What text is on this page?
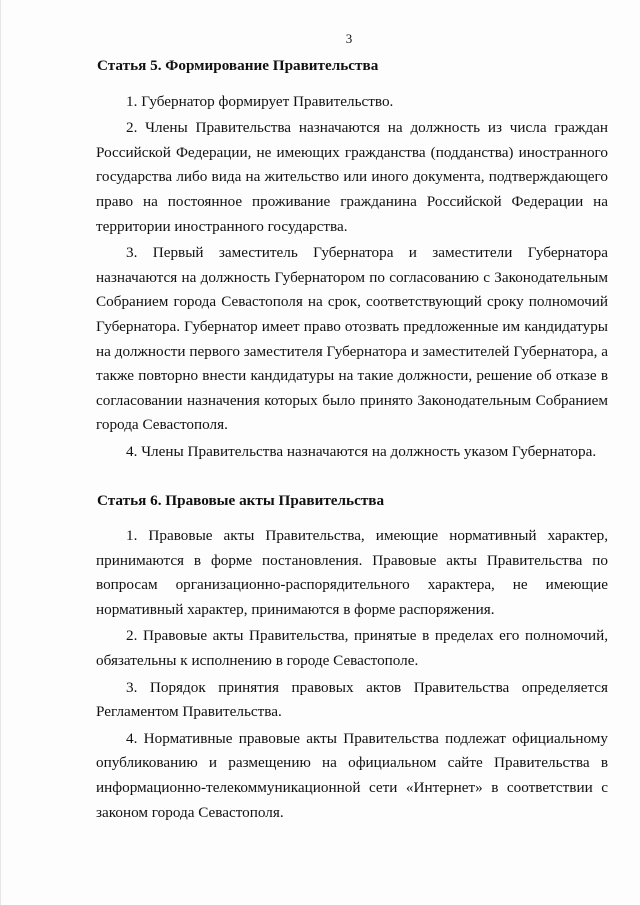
3

Статья 5. Формирование Правительства

1. Губернатор формирует Правительство.

2. Члены Правительства назначаются на должность из числа граждан Российской Федерации, не имеющих гражданства (подданства) иностранного государства либо вида на жительство или иного документа, подтверждающего право на постоянное проживание гражданина Российской Федерации на территории иностранного государства.

3. Первый заместитель Губернатора и заместители Губернатора назначаются на должность Губернатором по согласованию с Законодательным Собранием города Севастополя на срок, соответствующий сроку полномочий Губернатора. Губернатор имеет право отозвать предложенные им кандидатуры на должности первого заместителя Губернатора и заместителей Губернатора, а также повторно внести кандидатуры на такие должности, решение об отказе в согласовании назначения которых было принято Законодательным Собранием города Севастополя.

4. Члены Правительства назначаются на должность указом Губернатора.

Статья 6. Правовые акты Правительства

1. Правовые акты Правительства, имеющие нормативный характер, принимаются в форме постановления. Правовые акты Правительства по вопросам организационно-распорядительного характера, не имеющие нормативный характер, принимаются в форме распоряжения.

2. Правовые акты Правительства, принятые в пределах его полномочий, обязательны к исполнению в городе Севастополе.

3. Порядок принятия правовых актов Правительства определяется Регламентом Правительства.

4. Нормативные правовые акты Правительства подлежат официальному опубликованию и размещению на официальном сайте Правительства в информационно-телекоммуникационной сети «Интернет» в соответствии с законом города Севастополя.
